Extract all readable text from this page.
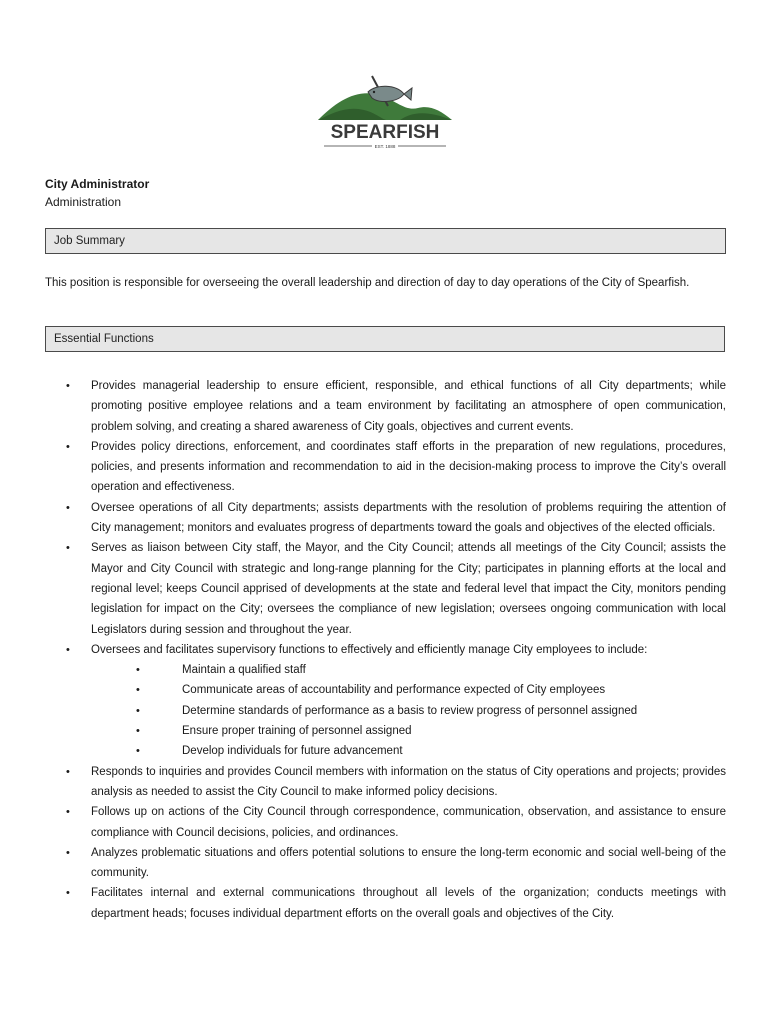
SPEARFISH
EST. 1888
City Administrator
Administration
Job Summary
This position is responsible for overseeing the overall leadership and direction of day to day operations of the City of Spearfish.
Essential Functions
• Provides managerial leadership to ensure efficient, responsible, and ethical functions of all City departments; while promoting positive employee relations and a team environment by facilitating an atmosphere of open communication, problem solving, and creating a shared awareness of City goals, objectives and current events.
• Provides policy directions, enforcement, and coordinates staff efforts in the preparation of new regulations, procedures, policies, and presents information and recommendation to aid in the decision-making process to improve the City’s overall operation and effectiveness.
• Oversee operations of all City departments; assists departments with the resolution of problems requiring the attention of City management; monitors and evaluates progress of departments toward the goals and objectives of the elected officials.
• Serves as liaison between City staff, the Mayor, and the City Council; attends all meetings of the City Council; assists the Mayor and City Council with strategic and long-range planning for the City; participates in planning efforts at the local and regional level; keeps Council apprised of developments at the state and federal level that impact the City, monitors pending legislation for impact on the City; oversees the compliance of new legislation; oversees ongoing communication with local Legislators during session and throughout the year.
• Oversees and facilitates supervisory functions to effectively and efficiently manage City employees to include:
•	Maintain a qualified staff
•	Communicate areas of accountability and performance expected of City employees
•	Determine standards of performance as a basis to review progress of personnel assigned
•	Ensure proper training of personnel assigned
•	Develop individuals for future advancement
• Responds to inquiries and provides Council members with information on the status of City operations and projects; provides analysis as needed to assist the City Council to make informed policy decisions.
• Follows up on actions of the City Council through correspondence, communication, observation, and assistance to ensure compliance with Council decisions, policies, and ordinances.
• Analyzes problematic situations and offers potential solutions to ensure the long-term economic and social well-being of the community.
• Facilitates internal and external communications throughout all levels of the organization; conducts meetings with department heads; focuses individual department efforts on the overall goals and objectives of the City.
